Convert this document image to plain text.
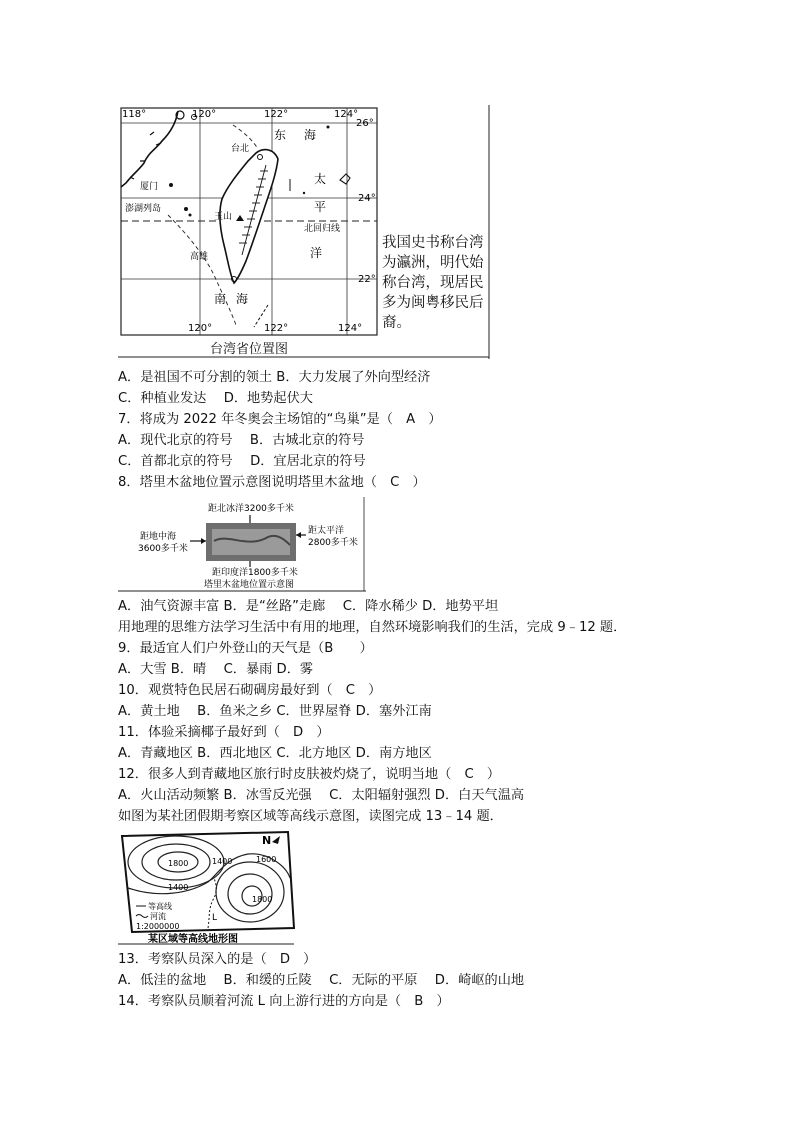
118°	120°	122°	124°
120°	122°	124°
26°
24°
22°
东 海
台北
太
厦门
平
澎湖列岛
玉山
北回归线
洋
高雄
南 海
台湾省位置图
我国史书称台湾
为瀛洲，明代始
称台湾，现居民
多为闽粤移民后
裔。
A．是祖国不可分割的领土 B．大力发展了外向型经济
C．种植业发达　 D．地势起伏大
7．将成为 2022 年冬奥会主场馆的“鸟巢”是（　A　）
A．现代北京的符号　 B．古城北京的符号
C．首都北京的符号　 D．宜居北京的符号
8．塔里木盆地位置示意图说明塔里木盆地（　C　）
距北冰洋3200多千米
距地中海
3600多千米
距太平洋
2800多千米
距印度洋1800多千米
塔里木盆地位置示意图
A．油气资源丰富 B．是“丝路”走廊　 C．降水稀少 D．地势平坦
用地理的思维方法学习生活中有用的地理，自然环境影响我们的生活，完成 9﹣12 题．
9．最适宜人们户外登山的天气是（B　　）
A．大雪 B．晴　 C．暴雨 D．雾
10．观赏特色民居石砌碉房最好到（　C　）
A．黄土地　 B．鱼米之乡 C．世界屋脊 D．塞外江南
11．体验采摘椰子最好到（　D　）
A．青藏地区 B．西北地区 C．北方地区 D．南方地区
12．很多人到青藏地区旅行时皮肤被灼烧了，说明当地（　C　）
A．火山活动频繁 B．冰雪反光强　 C．太阳辐射强烈 D．白天气温高
如图为某社团假期考察区域等高线示意图，读图完成 13﹣14 题．
N
1800	1400	1600
1400
1800
L
等高线
河流
1:2000000
某区域等高线地形图
13．考察队员深入的是（　D　）
A．低洼的盆地　 B．和缓的丘陵　 C．无际的平原　 D．崎岖的山地
14．考察队员顺着河流 L 向上游行进的方向是（　B　）
